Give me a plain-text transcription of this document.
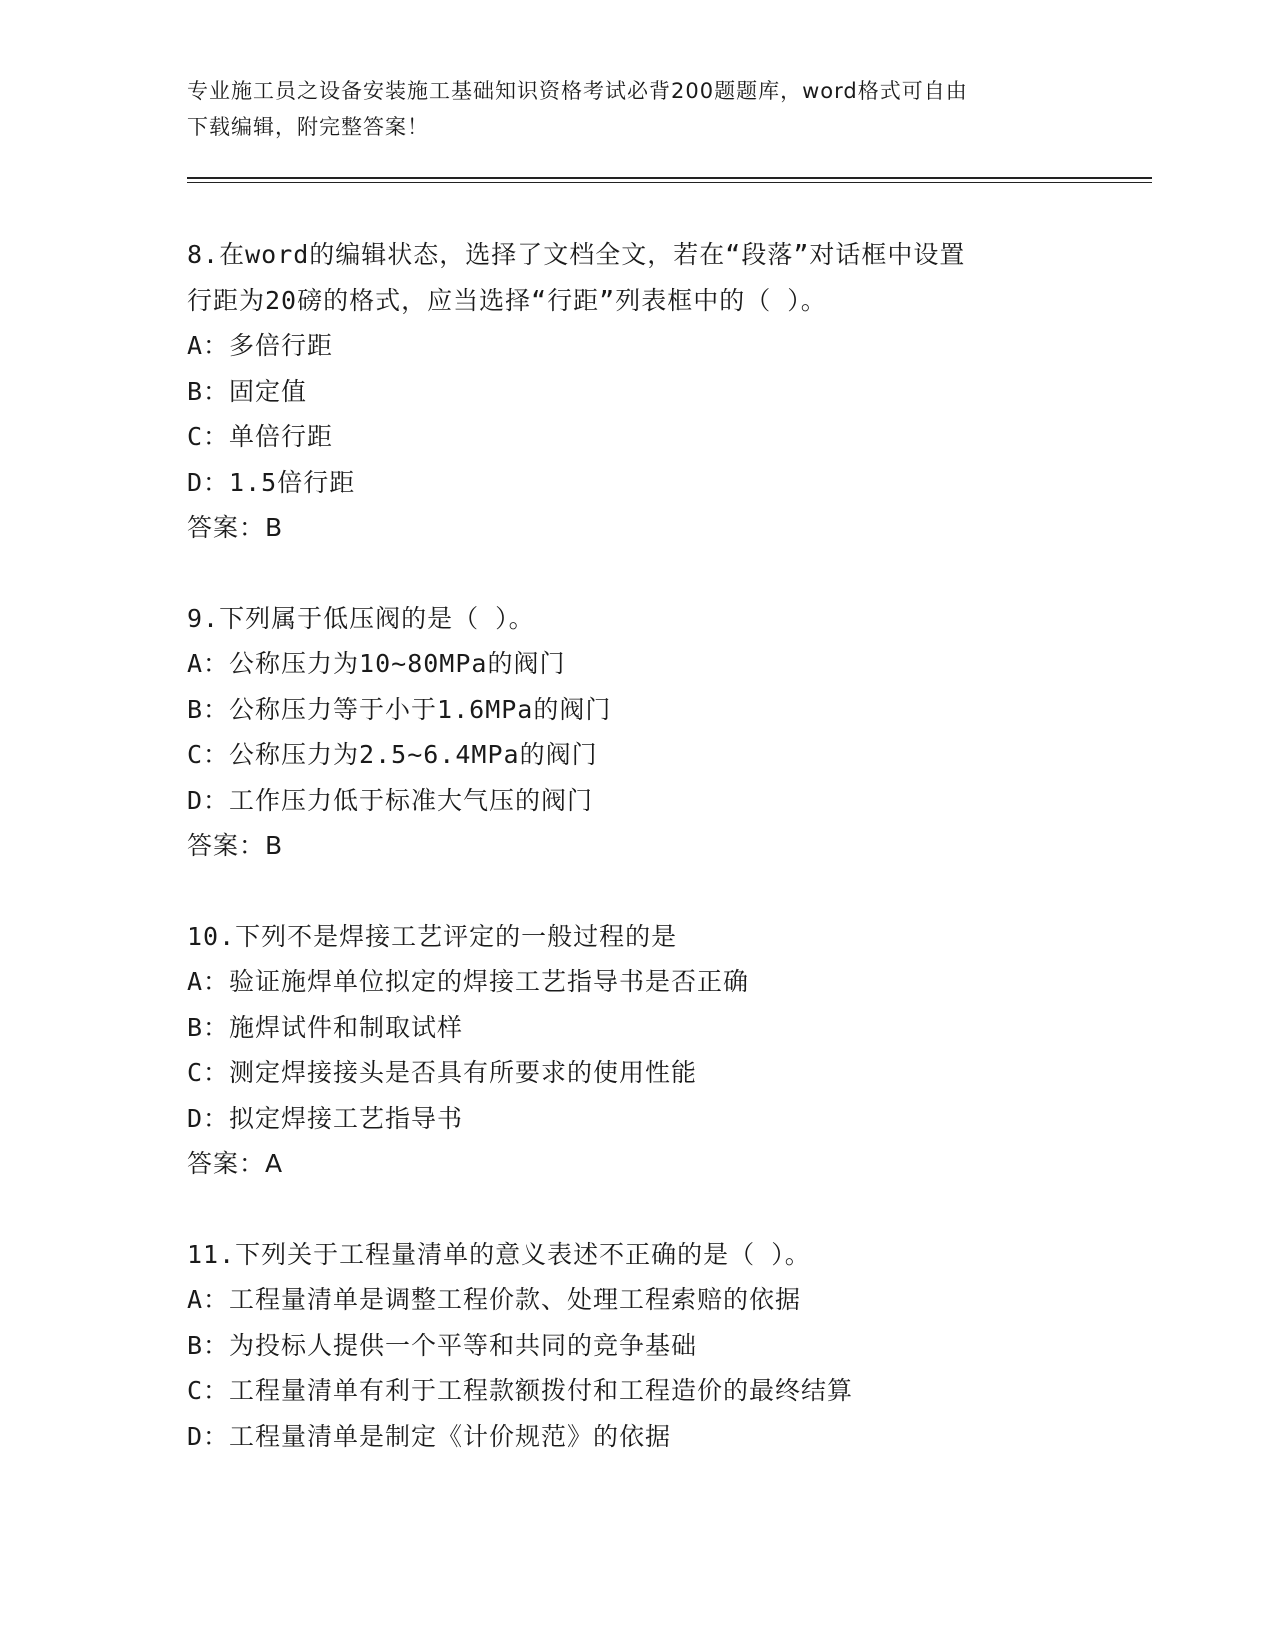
专业施工员之设备安装施工基础知识资格考试必背200题题库，word格式可自由
下载编辑，附完整答案！
8.在word的编辑状态，选择了文档全文，若在“段落”对话框中设置
行距为20磅的格式，应当选择“行距”列表框中的（ ）。
A：多倍行距
B：固定值
C：单倍行距
D：1.5倍行距
答案：B
9.下列属于低压阀的是（ ）。
A：公称压力为10~80MPa的阀门
B：公称压力等于小于1.6MPa的阀门
C：公称压力为2.5~6.4MPa的阀门
D：工作压力低于标准大气压的阀门
答案：B
10.下列不是焊接工艺评定的一般过程的是
A：验证施焊单位拟定的焊接工艺指导书是否正确
B：施焊试件和制取试样
C：测定焊接接头是否具有所要求的使用性能
D：拟定焊接工艺指导书
答案：A
11.下列关于工程量清单的意义表述不正确的是（ ）。
A：工程量清单是调整工程价款、处理工程索赔的依据
B：为投标人提供一个平等和共同的竞争基础
C：工程量清单有利于工程款额拨付和工程造价的最终结算
D：工程量清单是制定《计价规范》的依据
